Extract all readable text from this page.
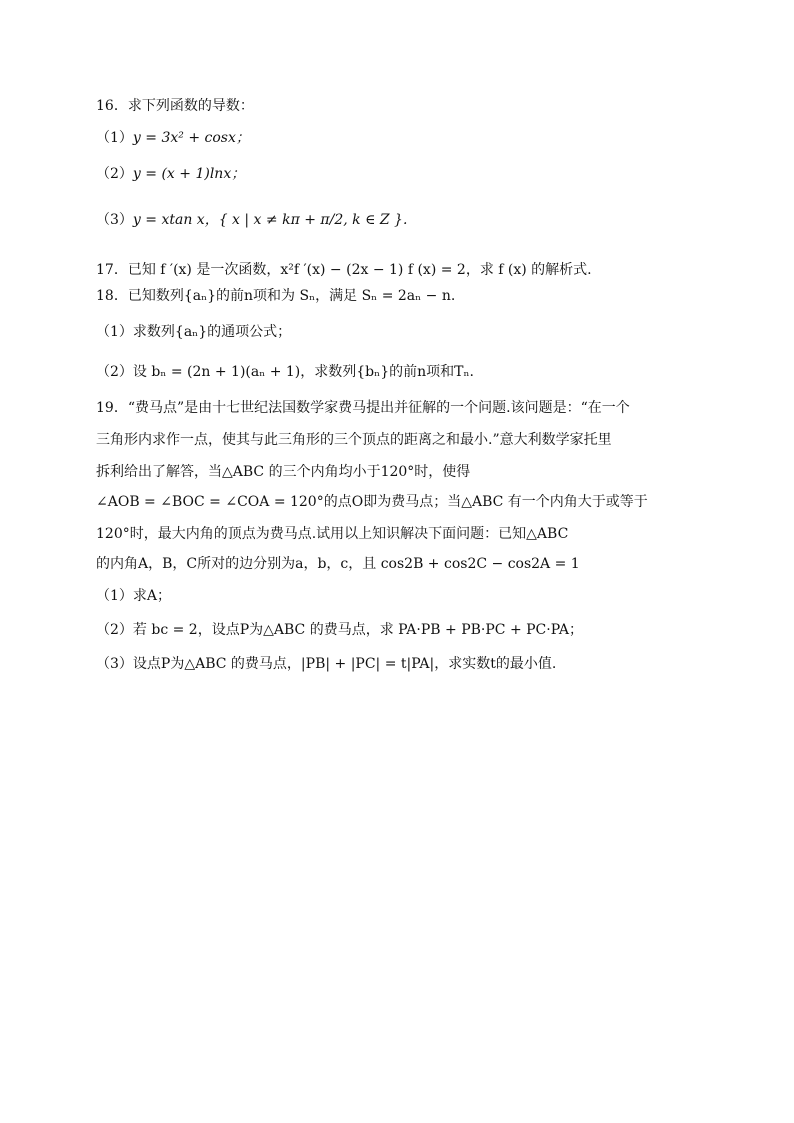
16．求下列函数的导数：
（1）y = 3x² + cosx；
（2）y = (x + 1)lnx；
（3）y = xtan x，{ x | x ≠ kπ + π/2, k ∈ Z }.
17．已知 f ′(x) 是一次函数，x²f ′(x) − (2x − 1) f (x) = 2，求 f (x) 的解析式.
18．已知数列{aₙ}的前n项和为 Sₙ，满足 Sₙ = 2aₙ − n.
（1）求数列{aₙ}的通项公式；
（2）设 bₙ = (2n + 1)(aₙ + 1)，求数列{bₙ}的前n项和Tₙ.
19．“费马点”是由十七世纪法国数学家费马提出并征解的一个问题.该问题是：“在一个
三角形内求作一点，使其与此三角形的三个顶点的距离之和最小.”意大利数学家托里
拆利给出了解答，当△ABC 的三个内角均小于120°时，使得
∠AOB = ∠BOC = ∠COA = 120°的点O即为费马点；当△ABC 有一个内角大于或等于
120°时，最大内角的顶点为费马点.试用以上知识解决下面问题：已知△ABC
的内角A，B，C所对的边分别为a，b，c，且 cos2B + cos2C − cos2A = 1
（1）求A；
（2）若 bc = 2，设点P为△ABC 的费马点，求 PA·PB + PB·PC + PC·PA；
（3）设点P为△ABC 的费马点，|PB| + |PC| = t|PA|，求实数t的最小值.
